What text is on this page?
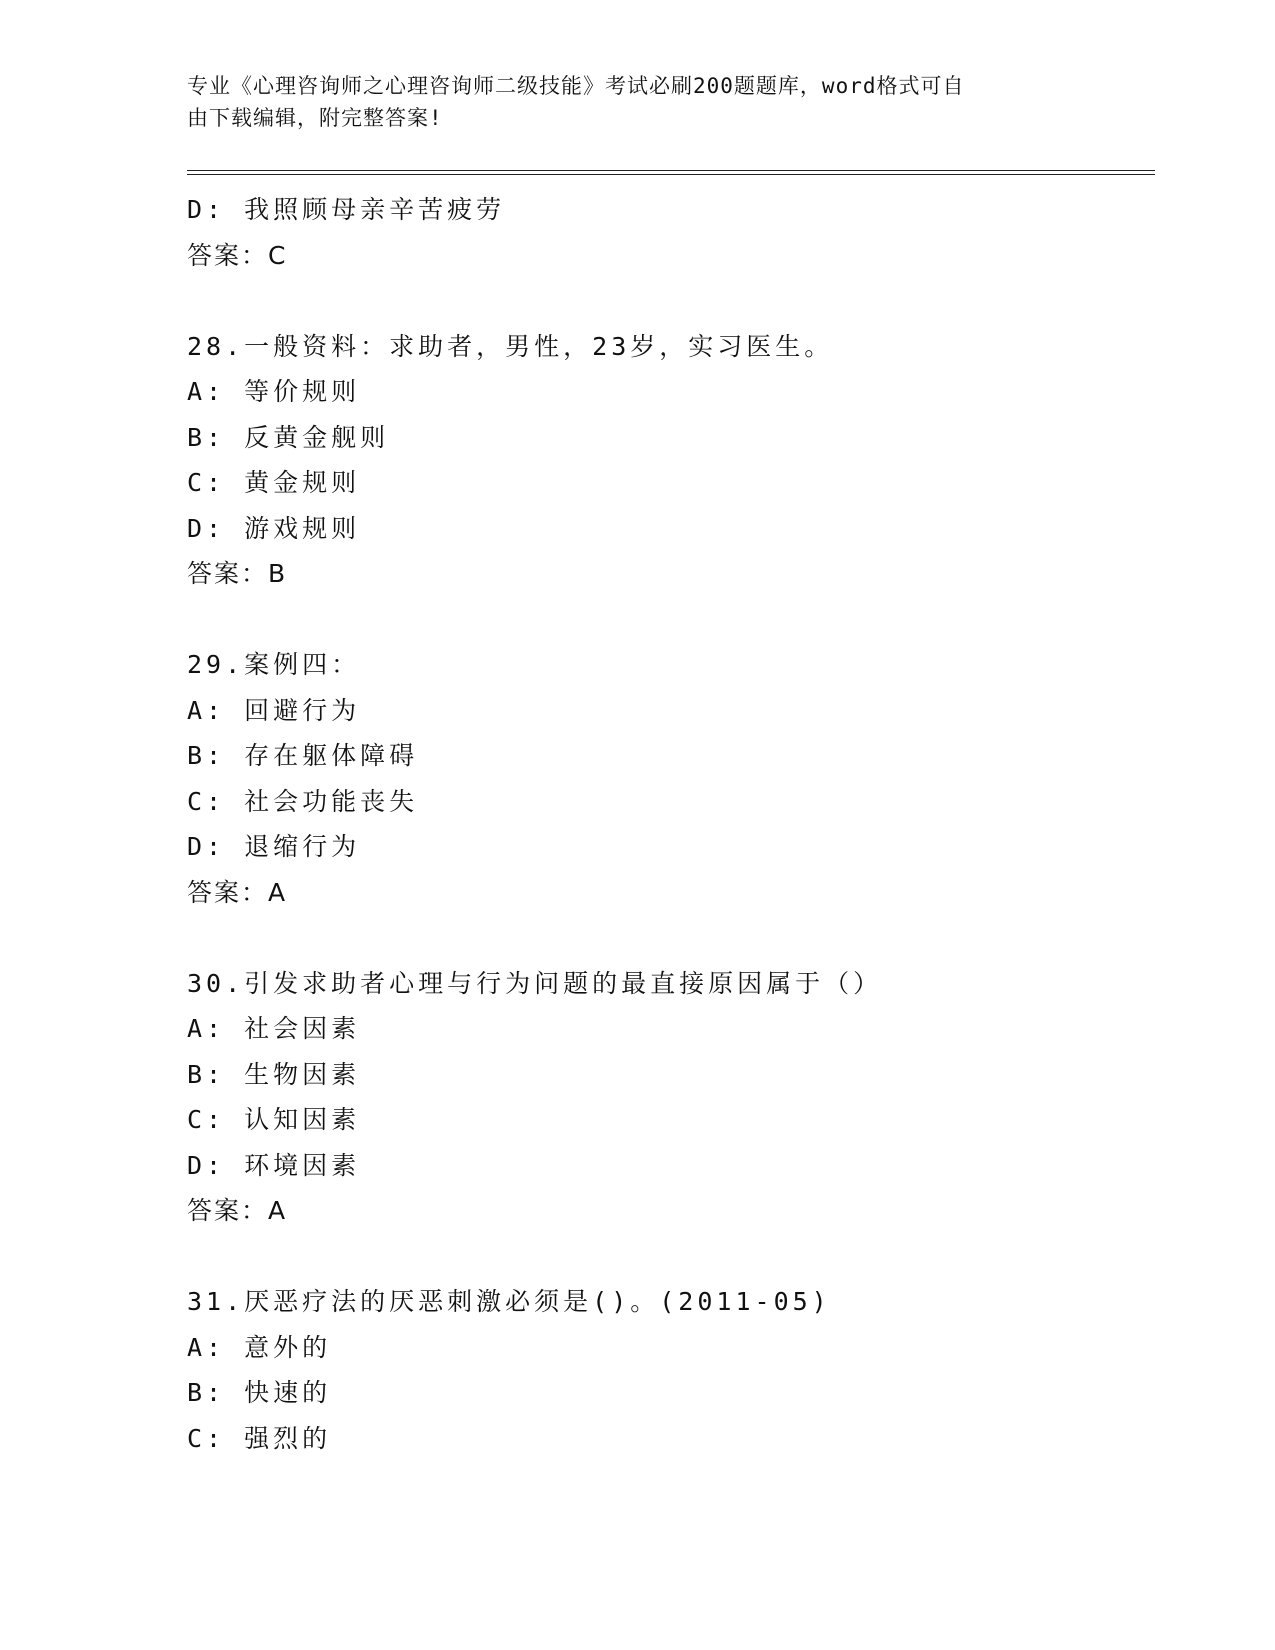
专业《心理咨询师之心理咨询师二级技能》考试必刷200题题库，word格式可自
由下载编辑，附完整答案!
D: 我照顾母亲辛苦疲劳
答案：C
28.一般资料：求助者，男性，23岁，实习医生。
A: 等价规则
B: 反黄金舰则
C: 黄金规则
D: 游戏规则
答案：B
29.案例四：
A: 回避行为
B: 存在躯体障碍
C: 社会功能丧失
D: 退缩行为
答案：A
30.引发求助者心理与行为问题的最直接原因属于（）
A: 社会因素
B: 生物因素
C: 认知因素
D: 环境因素
答案：A
31.厌恶疗法的厌恶刺激必须是()。(2011-05)
A: 意外的
B: 快速的
C: 强烈的
